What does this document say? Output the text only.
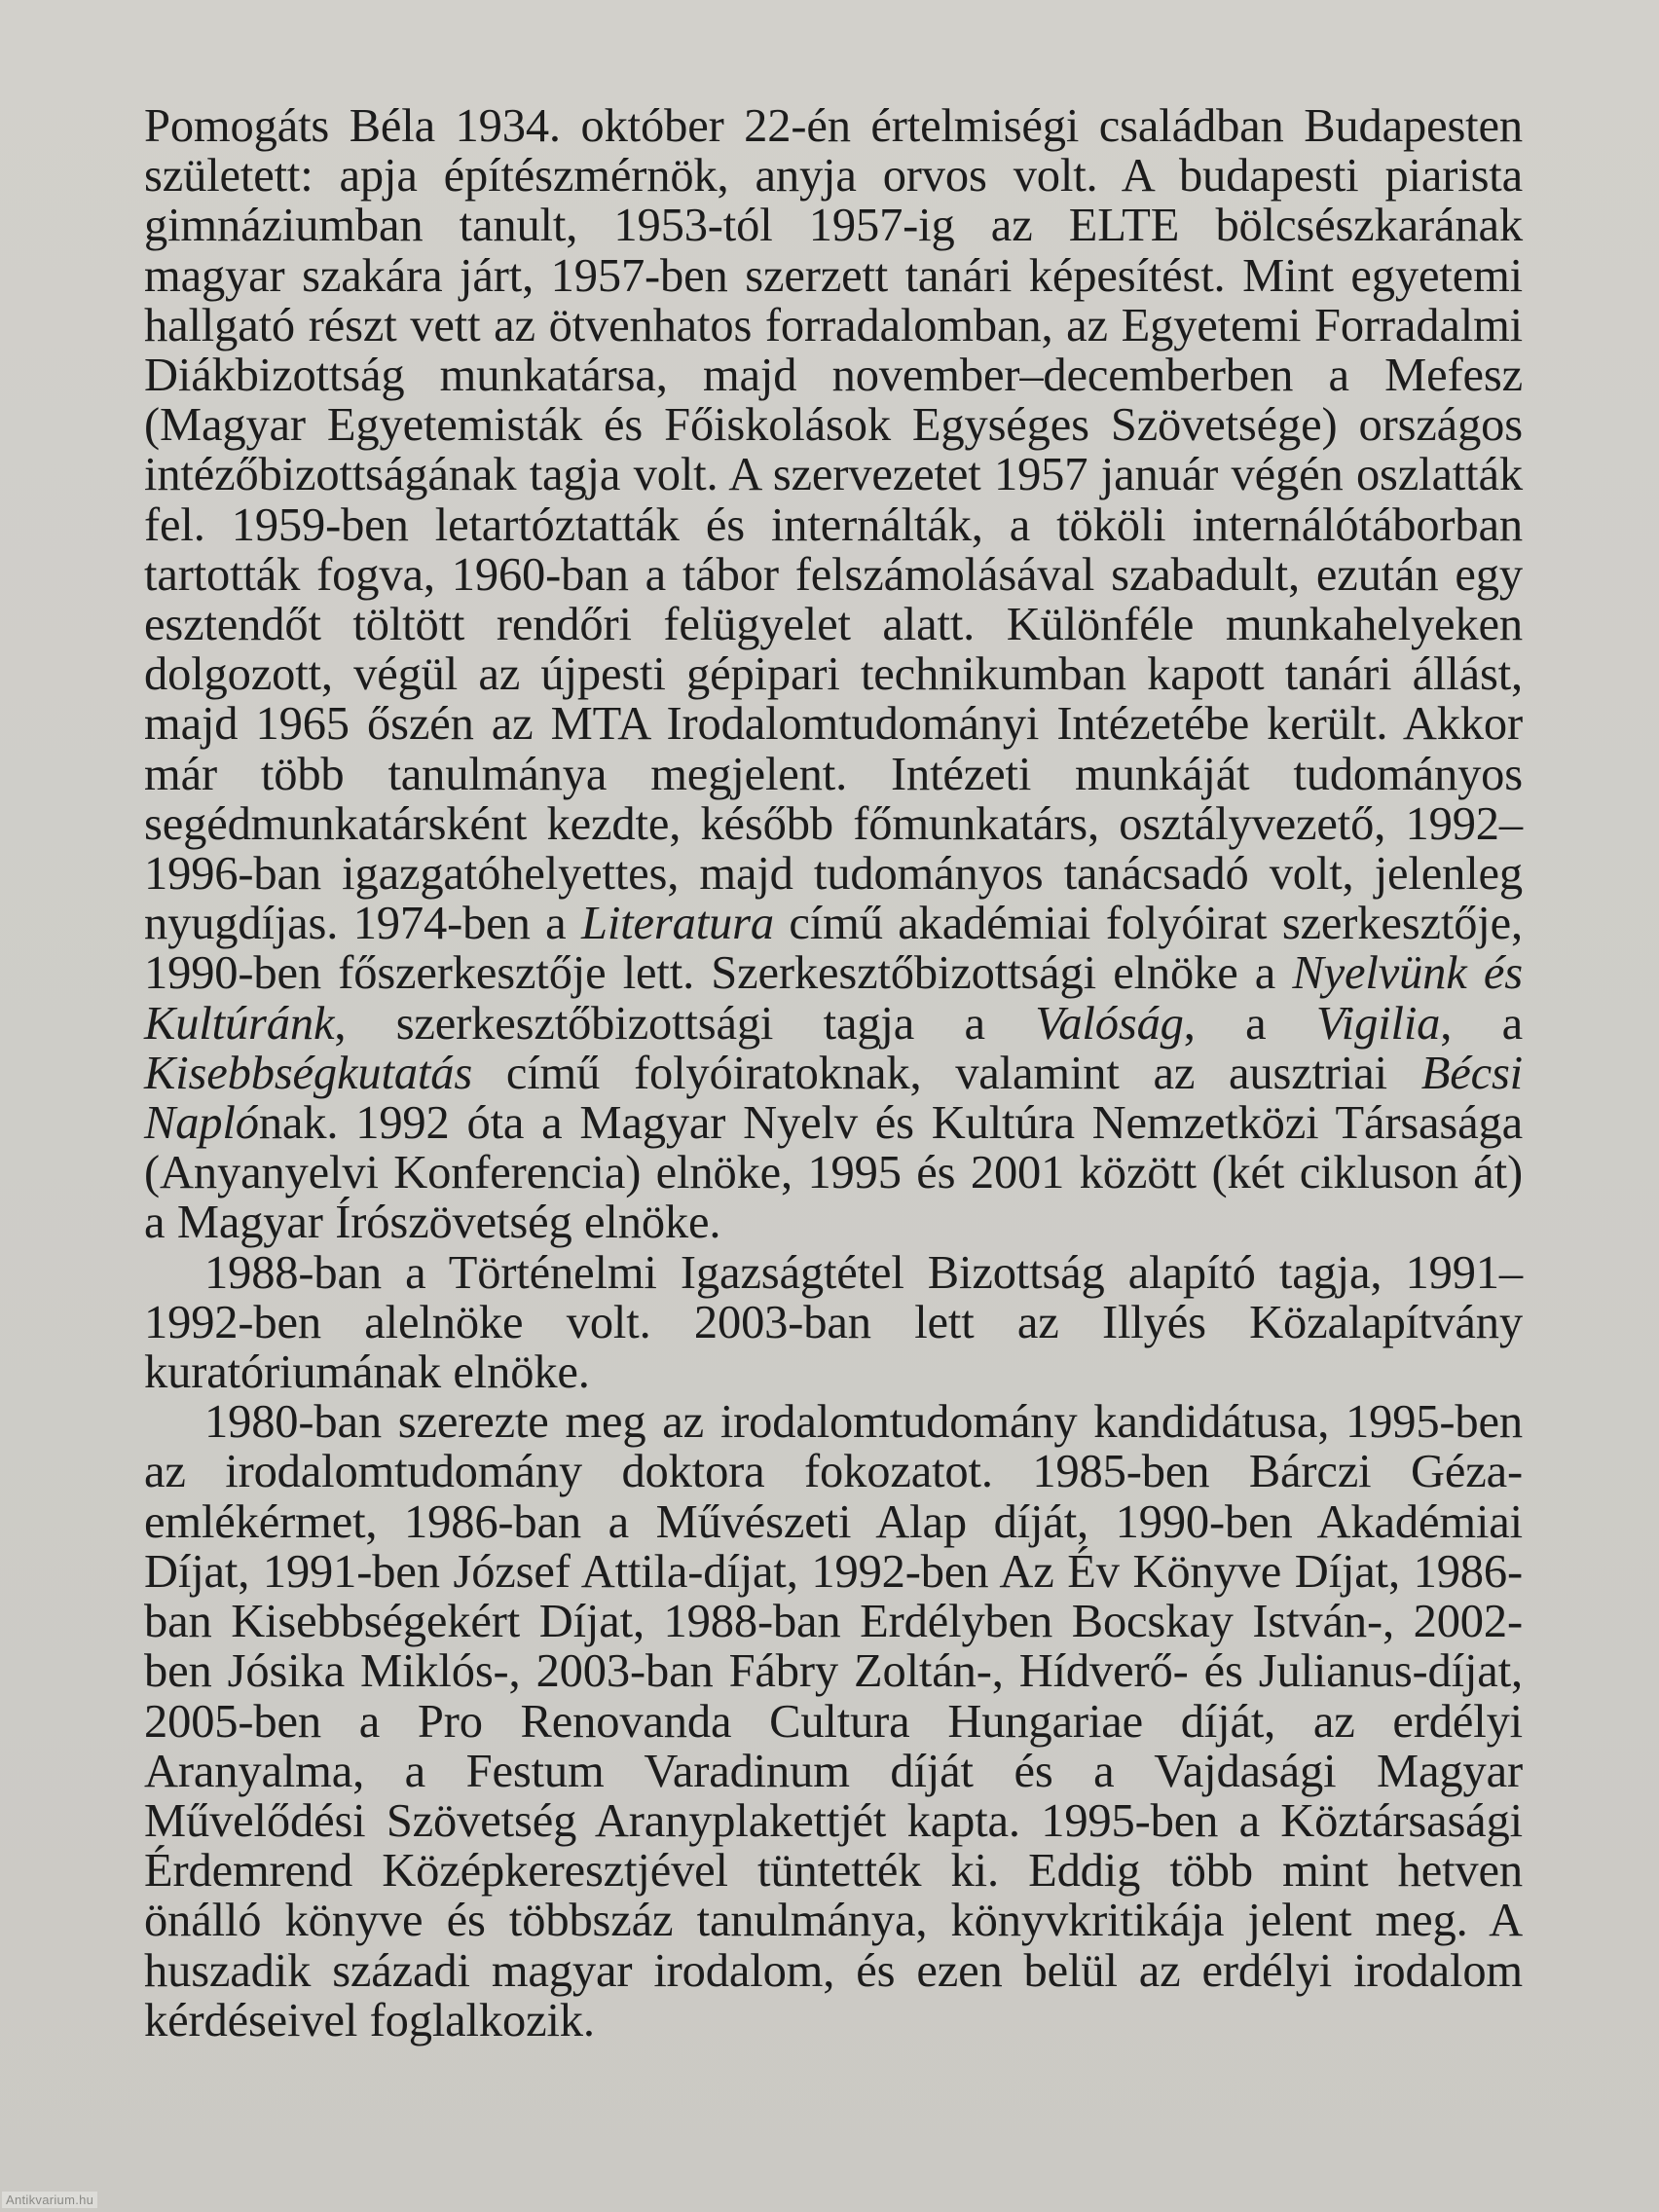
Pomogáts Béla 1934. október 22-én értelmiségi családban Budapesten született: apja építészmérnök, anyja orvos volt. A budapesti piarista gimnáziumban tanult, 1953-tól 1957-ig az ELTE bölcsészkarának magyar szakára járt, 1957-ben szerzett tanári képesítést. Mint egyetemi hallgató részt vett az ötvenhatos forradalomban, az Egyetemi Forradalmi Diákbizottság munkatársa, majd november–decemberben a Mefesz (Magyar Egyetemisták és Főiskolások Egységes Szövetsége) országos intézőbizottságának tagja volt. A szervezetet 1957 január végén oszlatták fel. 1959-ben letartóztatták és internálták, a tököli internálótáborban tartották fogva, 1960-ban a tábor felszámolásával szabadult, ezután egy esztendőt töltött rendőri felügyelet alatt. Különféle munkahelyeken dolgozott, végül az újpesti gépipari technikumban kapott tanári állást, majd 1965 őszén az MTA Irodalomtudományi Intézetébe került. Akkor már több tanulmánya megjelent. Intézeti munkáját tudományos segédmunkatársként kezdte, később főmunkatárs, osztályvezető, 1992–1996-ban igazgatóhelyettes, majd tudományos tanácsadó volt, jelenleg nyugdíjas. 1974-ben a Literatura című akadémiai folyóirat szerkesztője, 1990-ben főszerkesztője lett. Szerkesztőbizottsági elnöke a Nyelvünk és Kultúránk, szerkesztőbizottsági tagja a Valóság, a Vigilia, a Kisebbségkutatás című folyóiratoknak, valamint az ausztriai Bécsi Naplónak. 1992 óta a Magyar Nyelv és Kultúra Nemzetközi Társasága (Anyanyelvi Konferencia) elnöke, 1995 és 2001 között (két cikluson át) a Magyar Írószövetség elnöke.

1988-ban a Történelmi Igazságtétel Bizottság alapító tagja, 1991–1992-ben alelnöke volt. 2003-ban lett az Illyés Közalapítvány kuratóriumának elnöke.

1980-ban szerezte meg az irodalomtudomány kandidátusa, 1995-ben az irodalomtudomány doktora fokozatot. 1985-ben Bárczi Géza-emlékérmet, 1986-ban a Művészeti Alap díját, 1990-ben Akadémiai Díjat, 1991-ben József Attila-díjat, 1992-ben Az Év Könyve Díjat, 1986-ban Kisebbségekért Díjat, 1988-ban Erdélyben Bocskay István-, 2002-ben Jósika Miklós-, 2003-ban Fábry Zoltán-, Hídverő- és Julianus-díjat, 2005-ben a Pro Renovanda Cultura Hungariae díját, az erdélyi Aranyalma, a Festum Varadinum díját és a Vajdasági Magyar Művelődési Szövetség Aranyplakettjét kapta. 1995-ben a Köztársasági Érdemrend Középkeresztjével tüntették ki. Eddig több mint hetven önálló könyve és többszáz tanulmánya, könyvkritikája jelent meg. A huszadik századi magyar irodalom, és ezen belül az erdélyi irodalom kérdéseivel foglalkozik.

Antikvarium.hu
